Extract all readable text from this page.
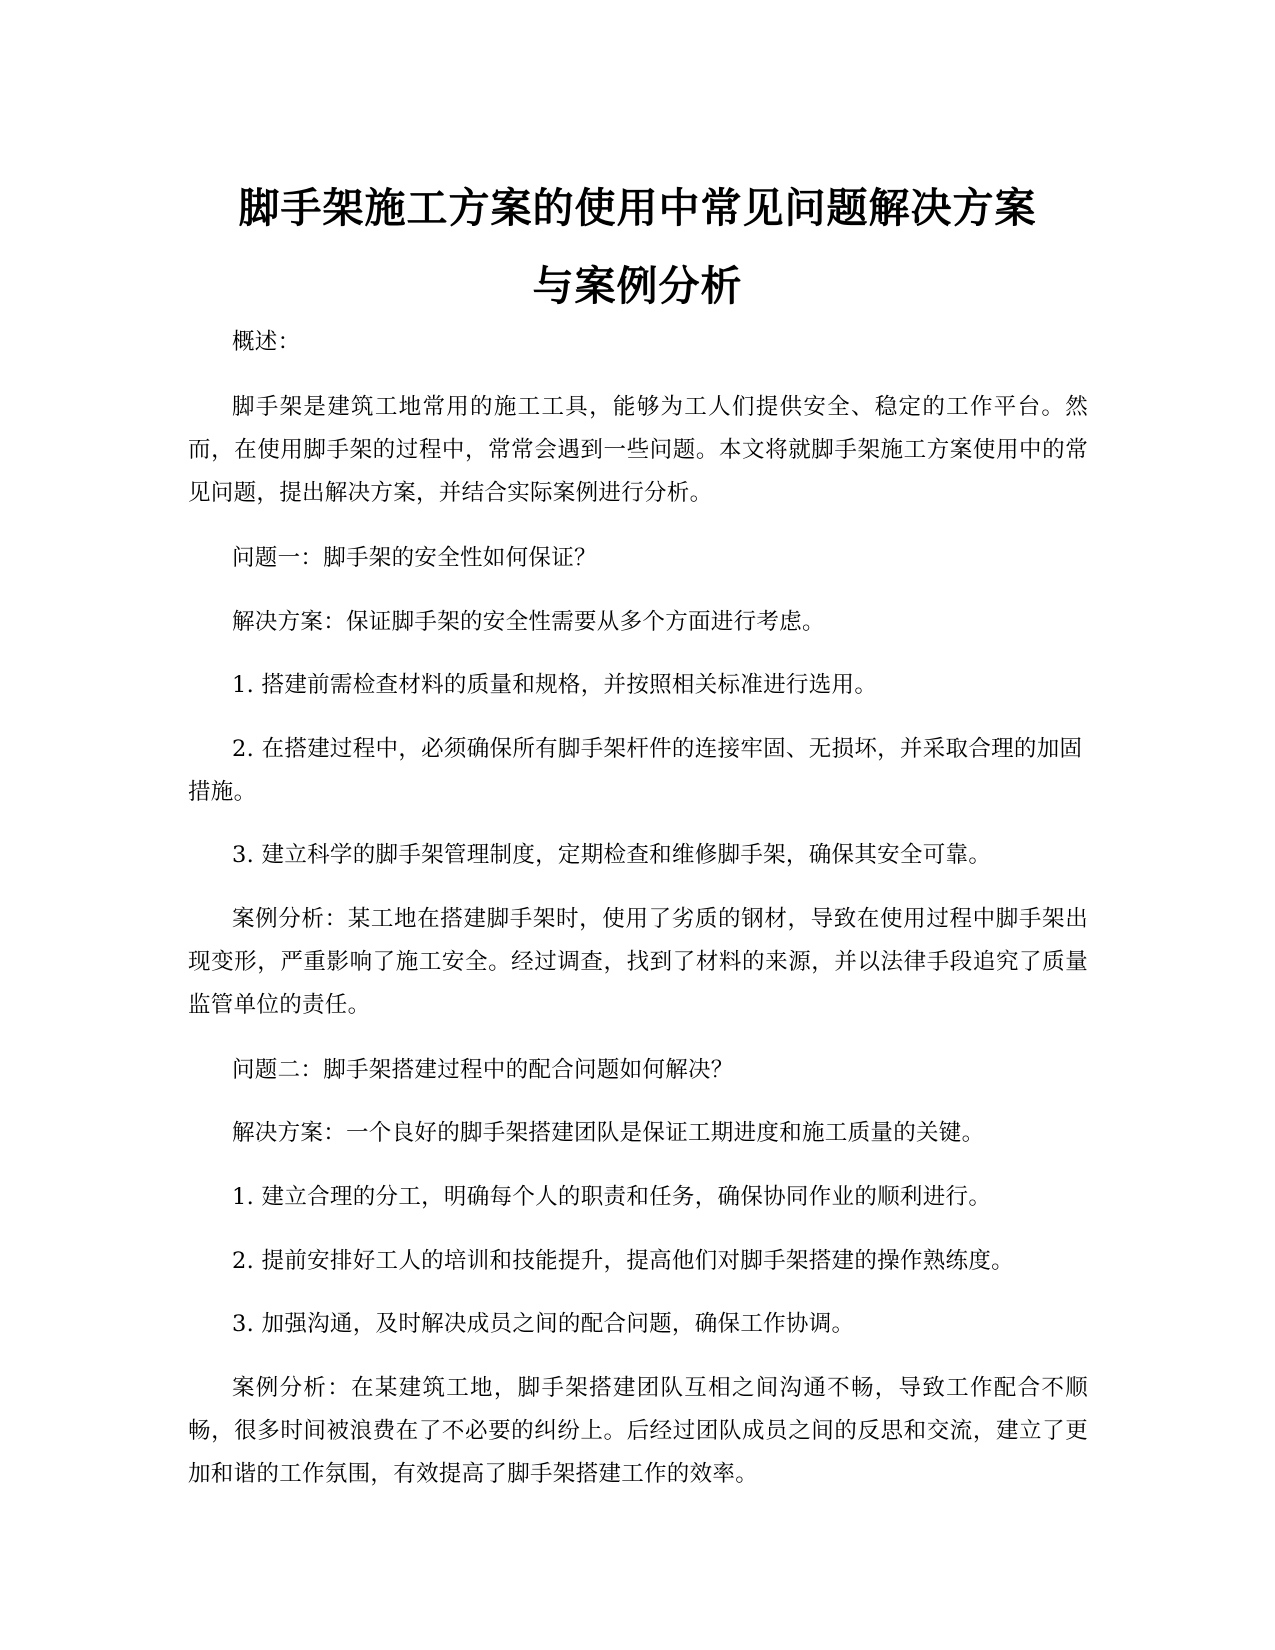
脚手架施工方案的使用中常见问题解决方案
与案例分析

概述：

脚手架是建筑工地常用的施工工具，能够为工人们提供安全、稳定的工作平台。然而，在使用脚手架的过程中，常常会遇到一些问题。本文将就脚手架施工方案使用中的常见问题，提出解决方案，并结合实际案例进行分析。

问题一：脚手架的安全性如何保证？

解决方案：保证脚手架的安全性需要从多个方面进行考虑。

1. 搭建前需检查材料的质量和规格，并按照相关标准进行选用。

2. 在搭建过程中，必须确保所有脚手架杆件的连接牢固、无损坏，并采取合理的加固措施。

3. 建立科学的脚手架管理制度，定期检查和维修脚手架，确保其安全可靠。

案例分析：某工地在搭建脚手架时，使用了劣质的钢材，导致在使用过程中脚手架出现变形，严重影响了施工安全。经过调查，找到了材料的来源，并以法律手段追究了质量监管单位的责任。

问题二：脚手架搭建过程中的配合问题如何解决？

解决方案：一个良好的脚手架搭建团队是保证工期进度和施工质量的关键。

1. 建立合理的分工，明确每个人的职责和任务，确保协同作业的顺利进行。

2. 提前安排好工人的培训和技能提升，提高他们对脚手架搭建的操作熟练度。

3. 加强沟通，及时解决成员之间的配合问题，确保工作协调。

案例分析：在某建筑工地，脚手架搭建团队互相之间沟通不畅，导致工作配合不顺畅，很多时间被浪费在了不必要的纠纷上。后经过团队成员之间的反思和交流，建立了更加和谐的工作氛围，有效提高了脚手架搭建工作的效率。
